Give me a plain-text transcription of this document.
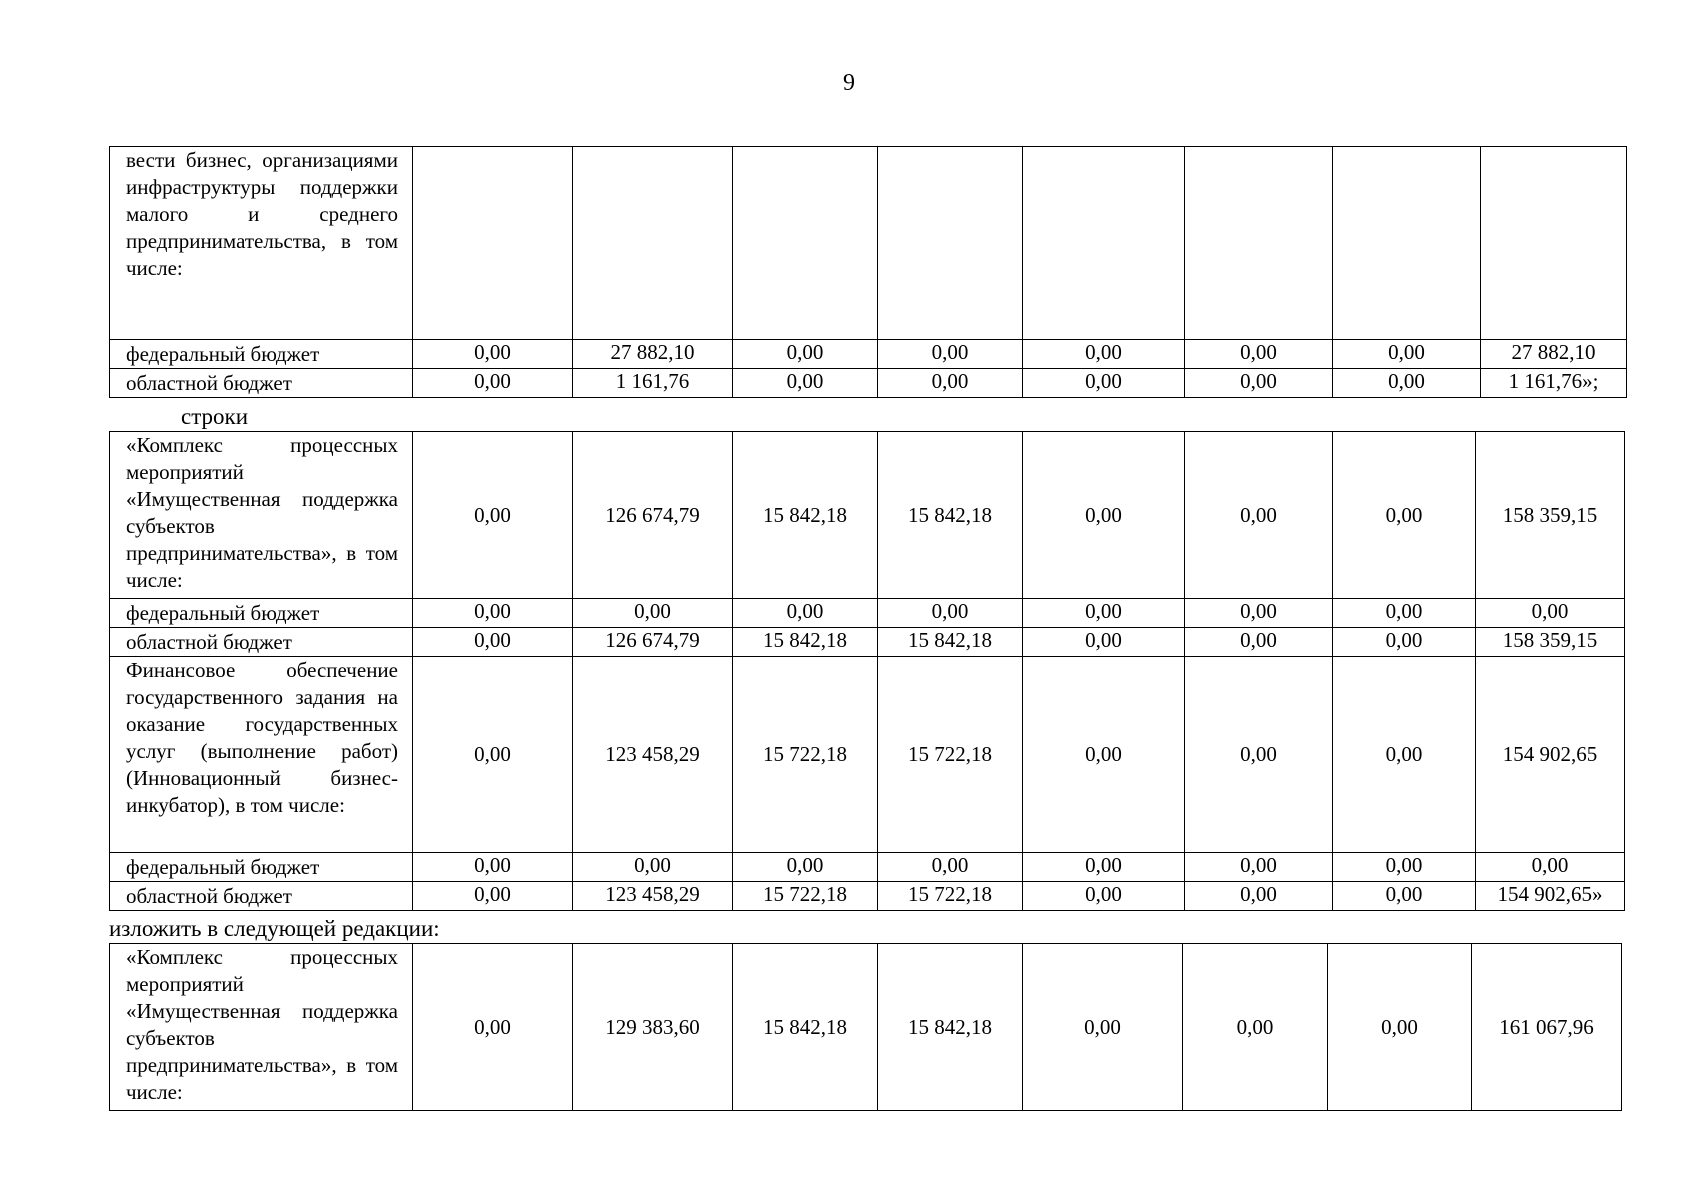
9
вести бизнес, организациями инфраструктуры поддержки малого и среднего предпринимательства, в том числе:								
федеральный бюджет	0,00	27 882,10	0,00	0,00	0,00	0,00	0,00	27 882,10
областной бюджет	0,00	1 161,76	0,00	0,00	0,00	0,00	0,00	1 161,76»;
строки
«Комплекс процессных мероприятий «Имущественная поддержка субъектов предпринимательства», в том числе:	0,00	126 674,79	15 842,18	15 842,18	0,00	0,00	0,00	158 359,15
федеральный бюджет	0,00	0,00	0,00	0,00	0,00	0,00	0,00	0,00
областной бюджет	0,00	126 674,79	15 842,18	15 842,18	0,00	0,00	0,00	158 359,15
Финансовое обеспечение государственного задания на оказание государственных услуг (выполнение работ) (Инновационный бизнес-инкубатор), в том числе:	0,00	123 458,29	15 722,18	15 722,18	0,00	0,00	0,00	154 902,65
федеральный бюджет	0,00	0,00	0,00	0,00	0,00	0,00	0,00	0,00
областной бюджет	0,00	123 458,29	15 722,18	15 722,18	0,00	0,00	0,00	154 902,65»
изложить в следующей редакции:
«Комплекс процессных мероприятий «Имущественная поддержка субъектов предпринимательства», в том числе:	0,00	129 383,60	15 842,18	15 842,18	0,00	0,00	0,00	161 067,96
